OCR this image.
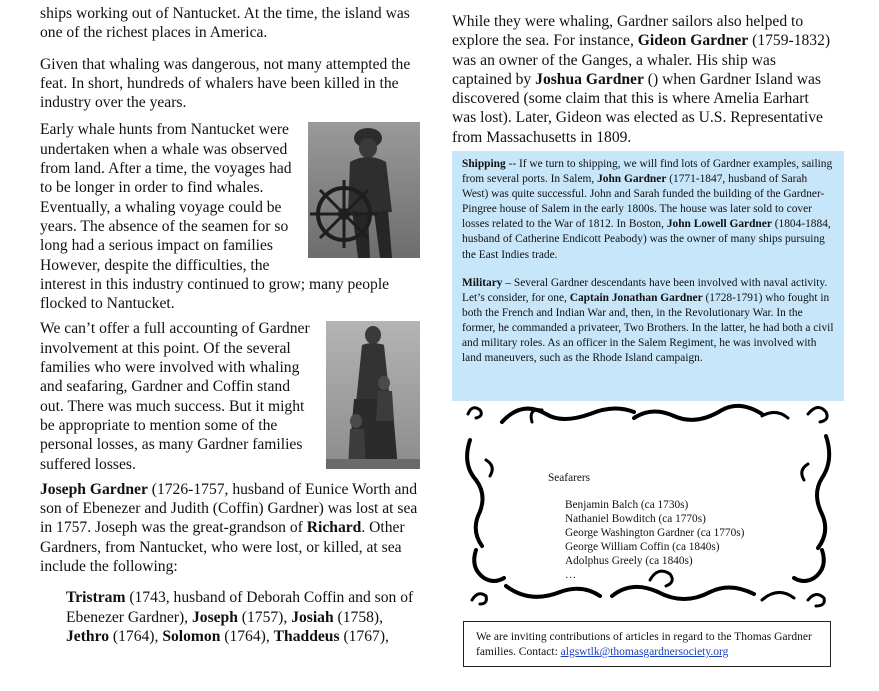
ships working out of Nantucket. At the time, the island was one of the richest places in America.

Given that whaling was dangerous, not many attempted the feat. In short, hundreds of whalers have been killed in the industry over the years.

Early whale hunts from Nantucket were undertaken when a whale was observed from land. After a time, the voyages had to be longer in order to find whales. Eventually, a whaling voyage could be years. The absence of the seamen for so long had a serious impact on families However, despite the difficulties, the interest in this industry continued to grow; many people flocked to Nantucket.

We can’t offer a full accounting of Gardner involvement at this point. Of the several families who were involved with whaling and seafaring, Gardner and Coffin stand out. There was much success. But it might be appropriate to mention some of the personal losses, as many Gardner families suffered losses.

Joseph Gardner (1726-1757, husband of Eunice Worth and son of Ebenezer and Judith (Coffin) Gardner) was lost at sea in 1757. Joseph was the great-grandson of Richard. Other Gardners, from Nantucket, who were lost, or killed, at sea include the following:

Tristram (1743, husband of Deborah Coffin and son of Ebenezer Gardner), Joseph (1757), Josiah (1758), Jethro (1764), Solomon (1764), Thaddeus (1767),

While they were whaling, Gardner sailors also helped to explore the sea. For instance, Gideon Gardner (1759-1832) was an owner of the Ganges, a whaler. His ship was captained by Joshua Gardner () when Gardner Island was discovered (some claim that this is where Amelia Earhart was lost). Later, Gideon was elected as U.S. Representative from Massachusetts in 1809.

Shipping -- If we turn to shipping, we will find lots of Gardner examples, sailing from several ports. In Salem, John Gardner (1771-1847, husband of Sarah West) was quite successful. John and Sarah funded the building of the Gardner-Pingree house of Salem in the early 1800s. The house was later sold to cover losses related to the War of 1812. In Boston, John Lowell Gardner (1804-1884, husband of Catherine Endicott Peabody) was the owner of many ships pursuing the East Indies trade.

Military – Several Gardner descendants have been involved with naval activity. Let’s consider, for one, Captain Jonathan Gardner (1728-1791) who fought in both the French and Indian War and, then, in the Revolutionary War. In the former, he commanded a privateer, Two Brothers. In the latter, he had both a civil and military roles. As an officer in the Salem Regiment, he was involved with land maneuvers, such as the Rhode Island campaign.

Seafarers
Benjamin Balch (ca 1730s)
Nathaniel Bowditch (ca 1770s)
George Washington Gardner (ca 1770s)
George William Coffin (ca 1840s)
Adolphus Greely (ca 1840s)
…
We are inviting contributions of articles in regard to the Thomas Gardner families. Contact: algswtlk@thomasgardnersociety.org
